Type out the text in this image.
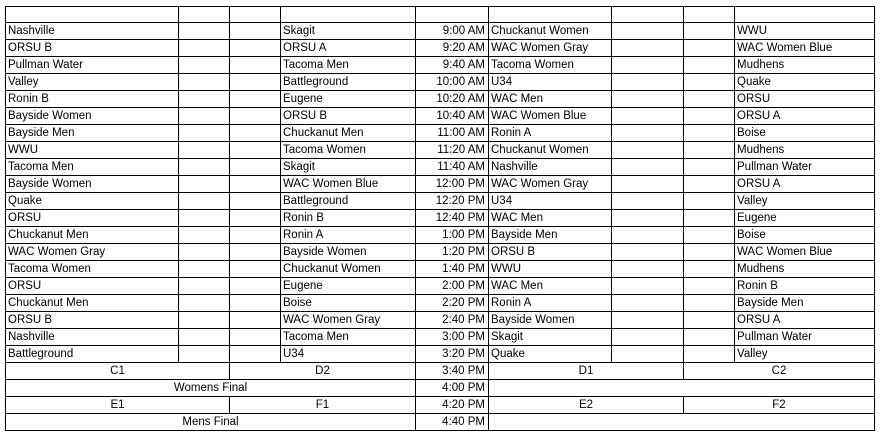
Nashville			Skagit	9:00 AM	Chuckanut Women			WWU
ORSU B			ORSU A	9:20 AM	WAC Women Gray			WAC Women Blue
Pullman Water			Tacoma Men	9:40 AM	Tacoma Women			Mudhens
Valley			Battleground	10:00 AM	U34			Quake
Ronin B			Eugene	10:20 AM	WAC Men			ORSU
Bayside Women			ORSU B	10:40 AM	WAC Women Blue			ORSU A
Bayside Men			Chuckanut Men	11:00 AM	Ronin A			Boise
WWU			Tacoma Women	11:20 AM	Chuckanut Women			Mudhens
Tacoma Men			Skagit	11:40 AM	Nashville			Pullman Water
Bayside Women			WAC Women Blue	12:00 PM	WAC Women Gray			ORSU A
Quake			Battleground	12:20 PM	U34			Valley
ORSU			Ronin B	12:40 PM	WAC Men			Eugene
Chuckanut Men			Ronin A	1:00 PM	Bayside Men			Boise
WAC Women Gray			Bayside Women	1:20 PM	ORSU B			WAC Women Blue
Tacoma Women			Chuckanut Women	1:40 PM	WWU			Mudhens
ORSU			Eugene	2:00 PM	WAC Men			Ronin B
Chuckanut Men			Boise	2:20 PM	Ronin A			Bayside Men
ORSU B			WAC Women Gray	2:40 PM	Bayside Women			ORSU A
Nashville			Tacoma Men	3:00 PM	Skagit			Pullman Water
Battleground			U34	3:20 PM	Quake			Valley
C1		D2		3:40 PM	D1		C2	
Womens Final				4:00 PM				
E1		F1		4:20 PM	E2		F2	
Mens Final				4:40 PM				
